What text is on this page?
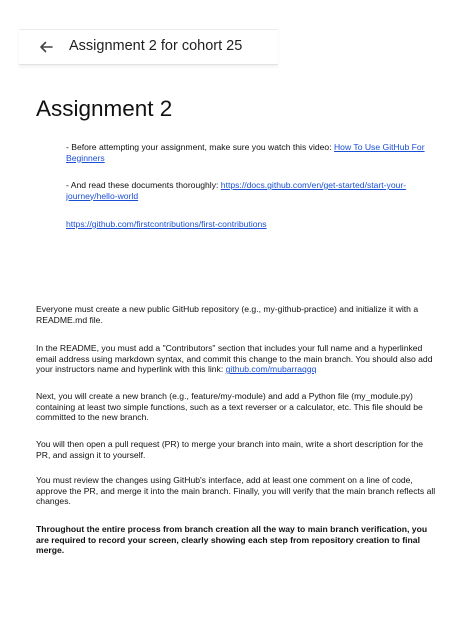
Assignment 2 for cohort 25
Assignment 2
- Before attempting your assignment, make sure you watch this video: How To Use GitHub For Beginners
- And read these documents thoroughly: https://docs.github.com/en/get-started/start-your-journey/hello-world
https://github.com/firstcontributions/first-contributions
Everyone must create a new public GitHub repository (e.g., my-github-practice) and initialize it with a README.md file.
In the README, you must add a "Contributors" section that includes your full name and a hyperlinked email address using markdown syntax, and commit this change to the main branch. You should also add your instructors name and hyperlink with this link: github.com/mubarraqqq
Next, you will create a new branch (e.g., feature/my-module) and add a Python file (my_module.py) containing at least two simple functions, such as a text reverser or a calculator, etc. This file should be committed to the new branch.
You will then open a pull request (PR) to merge your branch into main, write a short description for the PR, and assign it to yourself.
You must review the changes using GitHub's interface, add at least one comment on a line of code, approve the PR, and merge it into the main branch. Finally, you will verify that the main branch reflects all changes.
Throughout the entire process from branch creation all the way to main branch verification, you are required to record your screen, clearly showing each step from repository creation to final merge.
